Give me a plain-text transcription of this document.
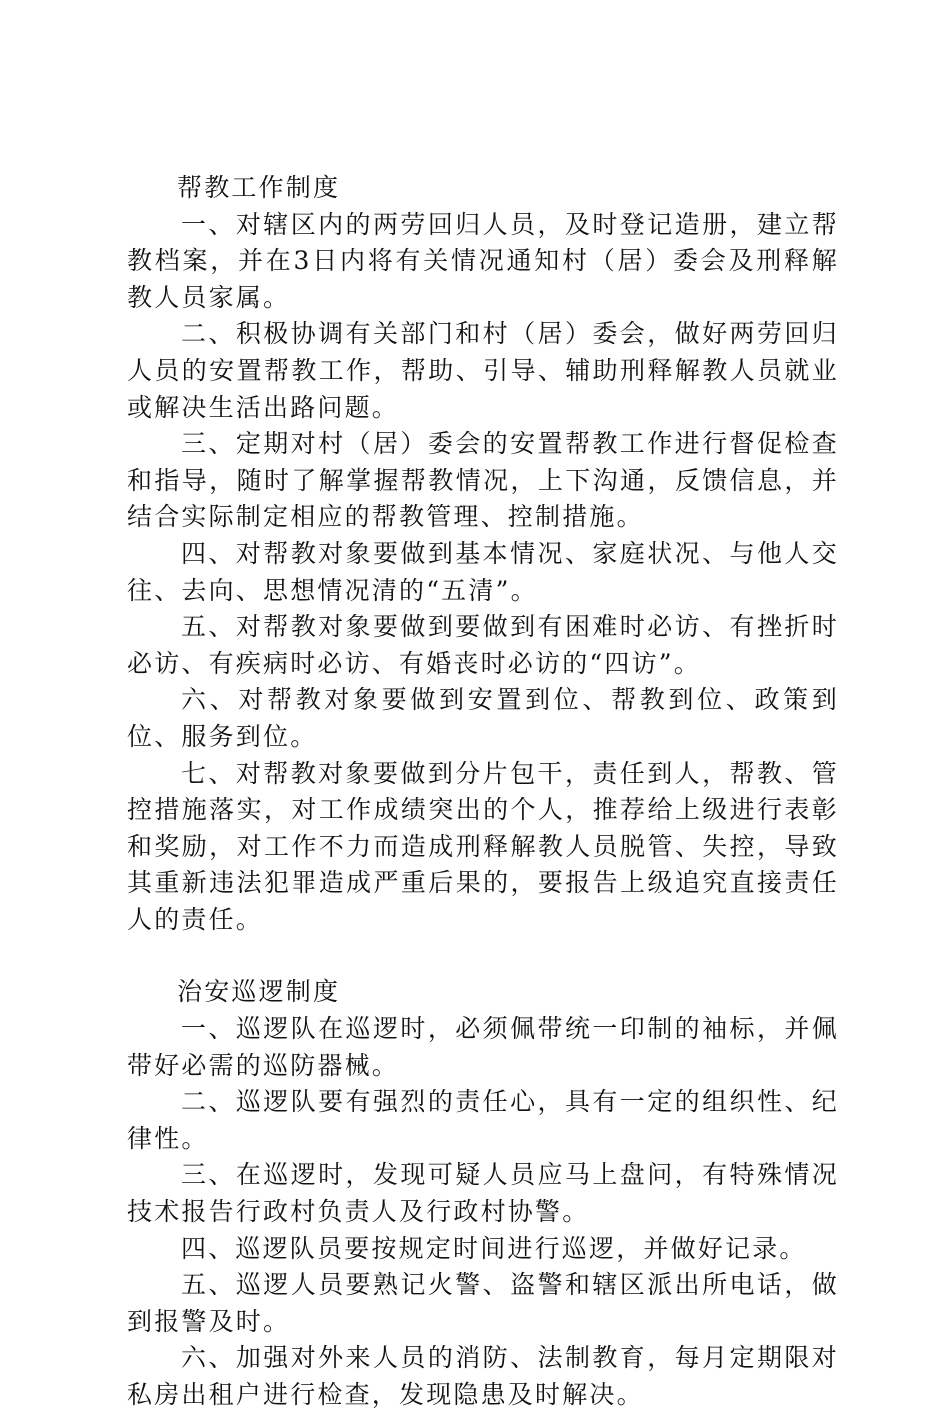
帮教工作制度

一、对辖区内的两劳回归人员，及时登记造册，建立帮教档案，并在3日内将有关情况通知村（居）委会及刑释解教人员家属。

二、积极协调有关部门和村（居）委会，做好两劳回归人员的安置帮教工作，帮助、引导、辅助刑释解教人员就业或解决生活出路问题。

三、定期对村（居）委会的安置帮教工作进行督促检查和指导，随时了解掌握帮教情况，上下沟通，反馈信息，并结合实际制定相应的帮教管理、控制措施。

四、对帮教对象要做到基本情况、家庭状况、与他人交往、去向、思想情况清的“五清”。

五、对帮教对象要做到要做到有困难时必访、有挫折时必访、有疾病时必访、有婚丧时必访的“四访”。

六、对帮教对象要做到安置到位、帮教到位、政策到位、服务到位。

七、对帮教对象要做到分片包干，责任到人，帮教、管控措施落实，对工作成绩突出的个人，推荐给上级进行表彰和奖励，对工作不力而造成刑释解教人员脱管、失控，导致其重新违法犯罪造成严重后果的，要报告上级追究直接责任人的责任。

治安巡逻制度

一、巡逻队在巡逻时，必须佩带统一印制的袖标，并佩带好必需的巡防器械。

二、巡逻队要有强烈的责任心，具有一定的组织性、纪律性。

三、在巡逻时，发现可疑人员应马上盘问，有特殊情况技术报告行政村负责人及行政村协警。

四、巡逻队员要按规定时间进行巡逻，并做好记录。

五、巡逻人员要熟记火警、盗警和辖区派出所电话，做到报警及时。

六、加强对外来人员的消防、法制教育，每月定期限对私房出租户进行检查，发现隐患及时解决。
